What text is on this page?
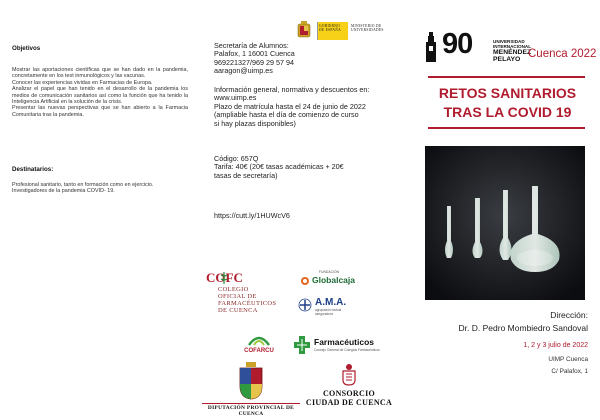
Objetivos

Mostrar las aportaciones científicas que se han dado en la pandemia, concretamente en los test inmunológicos y las vacunas.

Conocer las experiencias vividas en Farmacias de Europa.

Analizar el papel que han tenido en el desarrollo de la pandemia los medios de comunicación sanitarios así como la función que ha tenido la Inteligencia Artificial en la solución de la crisis.

Presentar las nuevas perspectivas que se han abierto a la Farmacia Comunitaria tras la pandemia.

Destinatarios:

Profesional sanitario, tanto en formación como en ejercicio.

Investigadores de la pandemia COVID- 19.

GOBIERNO DE ESPAÑA
MINISTERIO DE UNIVERSIDADES
Secretaría de Alumnos:
Palafox, 1 16001 Cuenca
969221327/969 29 57 94
aaragon@uimp.es
Información general, normativa y descuentos en:
www.uimp.es
Plazo de matrícula hasta el 24 de junio de 2022
(ampliable hasta el día de comienzo de curso
si hay plazas disponibles)
Código: 657Q
Tarifa: 40€ (20€ tasas académicas + 20€
tasas de secretaría)
https://cutt.ly/1HUWcV6
COFC
COLEGIO
OFICIAL DE
FARMACÉUTICOS
DE CUENCA
FUNDACIÓN
Globalcaja
A.M.A.
agrupación mutual aseguradora
COFARCU
Farmacéuticos
Consejo General de Colegios Farmacéuticos
DIPUTACIÓN PROVINCIAL DE CUENCA
CONSORCIO
CIUDAD DE CUENCA
90	UNIVERSIDAD
INTERNACIONAL
MENÉNDEZ
PELAYO Cuenca 2022
RETOS SANITARIOS
TRAS LA COVID 19
Dirección:
Dr. D. Pedro Mombiedro Sandoval
1, 2 y 3 julio de 2022
UIMP Cuenca
C/ Palafox, 1
